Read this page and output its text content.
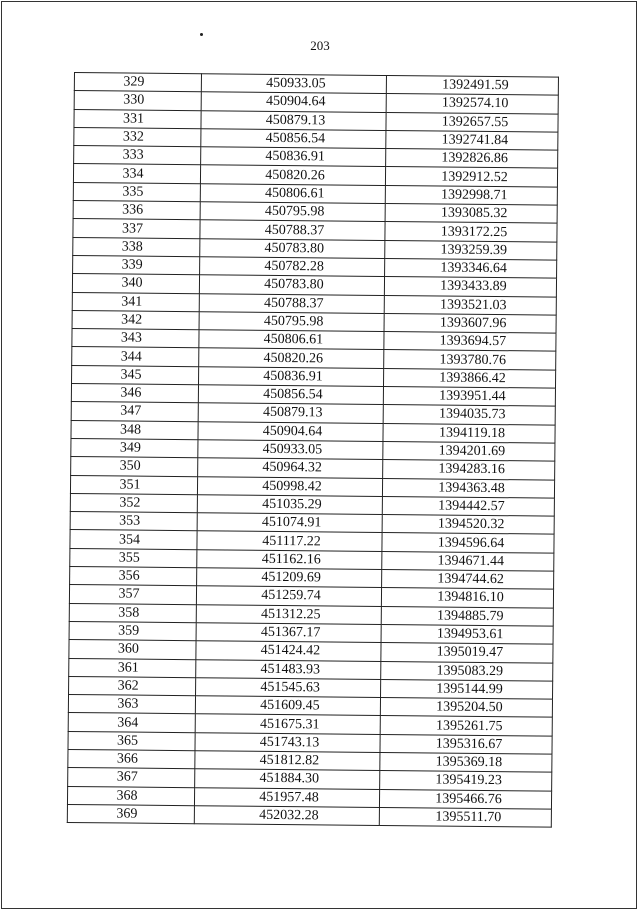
203
329	450933.05	1392491.59
330	450904.64	1392574.10
331	450879.13	1392657.55
332	450856.54	1392741.84
333	450836.91	1392826.86
334	450820.26	1392912.52
335	450806.61	1392998.71
336	450795.98	1393085.32
337	450788.37	1393172.25
338	450783.80	1393259.39
339	450782.28	1393346.64
340	450783.80	1393433.89
341	450788.37	1393521.03
342	450795.98	1393607.96
343	450806.61	1393694.57
344	450820.26	1393780.76
345	450836.91	1393866.42
346	450856.54	1393951.44
347	450879.13	1394035.73
348	450904.64	1394119.18
349	450933.05	1394201.69
350	450964.32	1394283.16
351	450998.42	1394363.48
352	451035.29	1394442.57
353	451074.91	1394520.32
354	451117.22	1394596.64
355	451162.16	1394671.44
356	451209.69	1394744.62
357	451259.74	1394816.10
358	451312.25	1394885.79
359	451367.17	1394953.61
360	451424.42	1395019.47
361	451483.93	1395083.29
362	451545.63	1395144.99
363	451609.45	1395204.50
364	451675.31	1395261.75
365	451743.13	1395316.67
366	451812.82	1395369.18
367	451884.30	1395419.23
368	451957.48	1395466.76
369	452032.28	1395511.70
